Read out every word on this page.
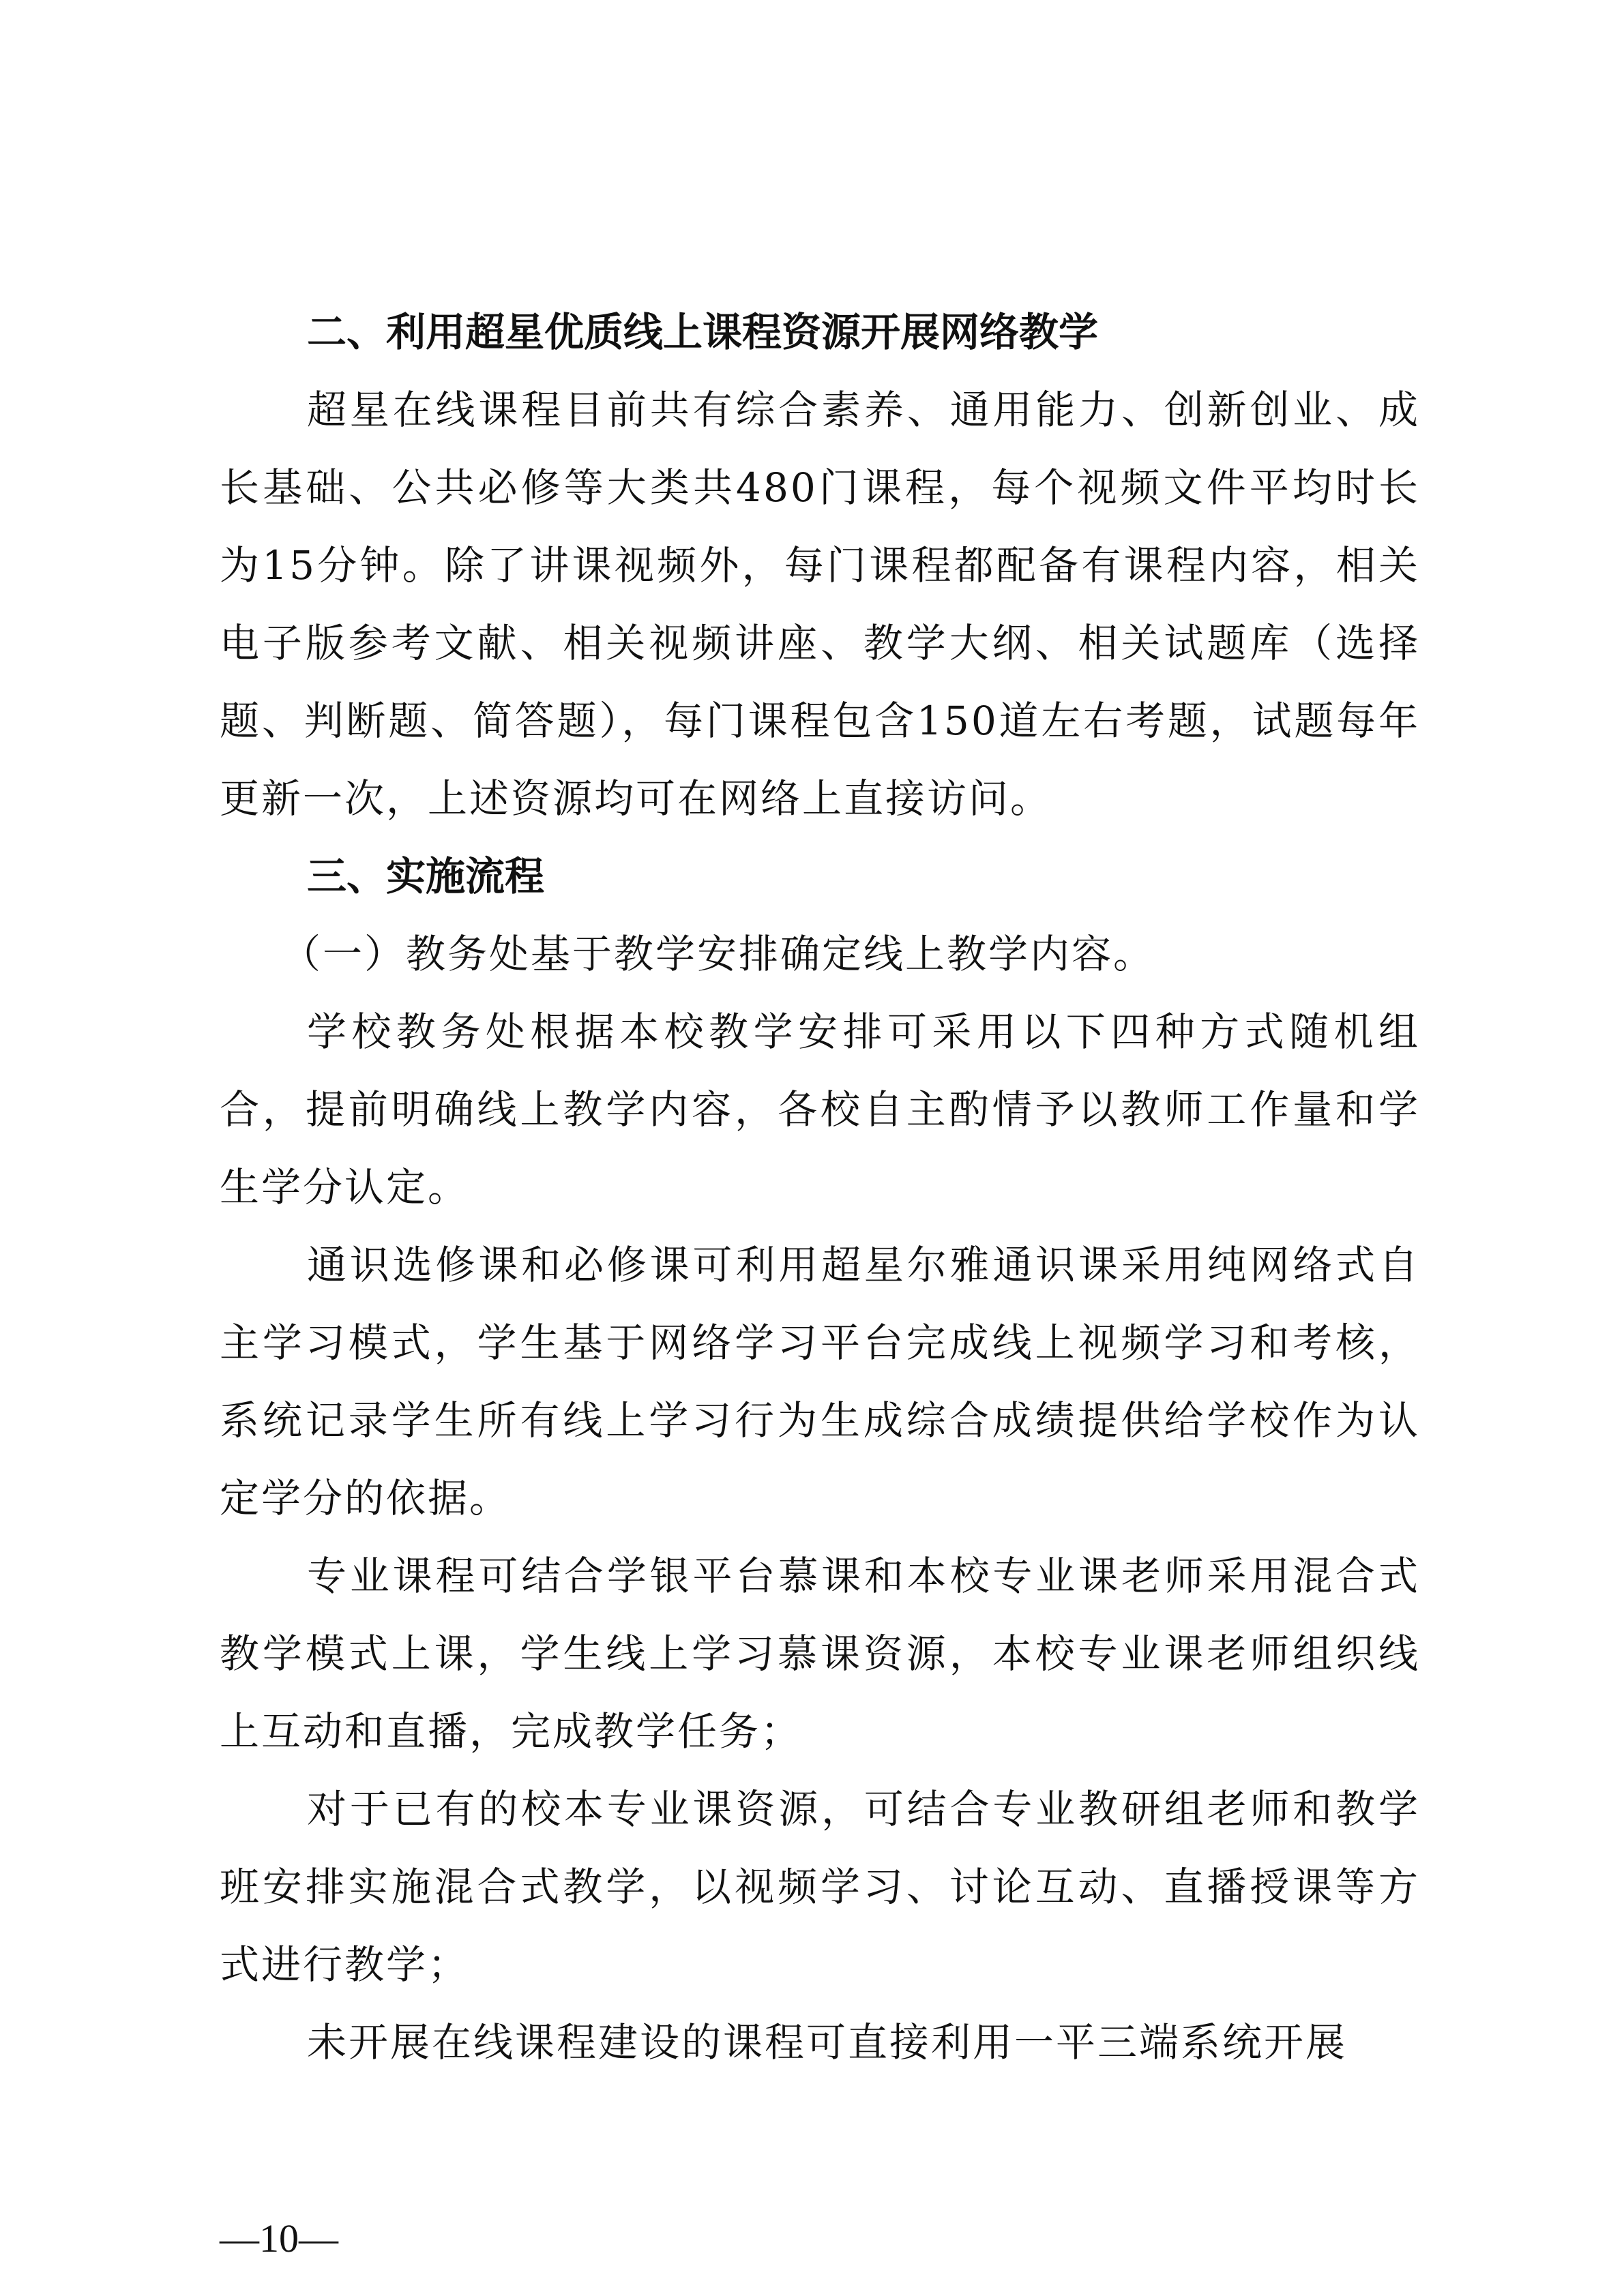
二、利用超星优质线上课程资源开展网络教学

超星在线课程目前共有综合素养、通用能力、创新创业、成长基础、公共必修等大类共480门课程，每个视频文件平均时长为15分钟。除了讲课视频外，每门课程都配备有课程内容，相关电子版参考文献、相关视频讲座、教学大纲、相关试题库（选择题、判断题、简答题），每门课程包含150道左右考题，试题每年更新一次，上述资源均可在网络上直接访问。

三、实施流程

（一）教务处基于教学安排确定线上教学内容。

学校教务处根据本校教学安排可采用以下四种方式随机组合，提前明确线上教学内容，各校自主酌情予以教师工作量和学生学分认定。

通识选修课和必修课可利用超星尔雅通识课采用纯网络式自主学习模式，学生基于网络学习平台完成线上视频学习和考核，系统记录学生所有线上学习行为生成综合成绩提供给学校作为认定学分的依据。

专业课程可结合学银平台慕课和本校专业课老师采用混合式教学模式上课，学生线上学习慕课资源，本校专业课老师组织线上互动和直播，完成教学任务；

对于已有的校本专业课资源，可结合专业教研组老师和教学班安排实施混合式教学，以视频学习、讨论互动、直播授课等方式进行教学；

未开展在线课程建设的课程可直接利用一平三端系统开展

—10—
